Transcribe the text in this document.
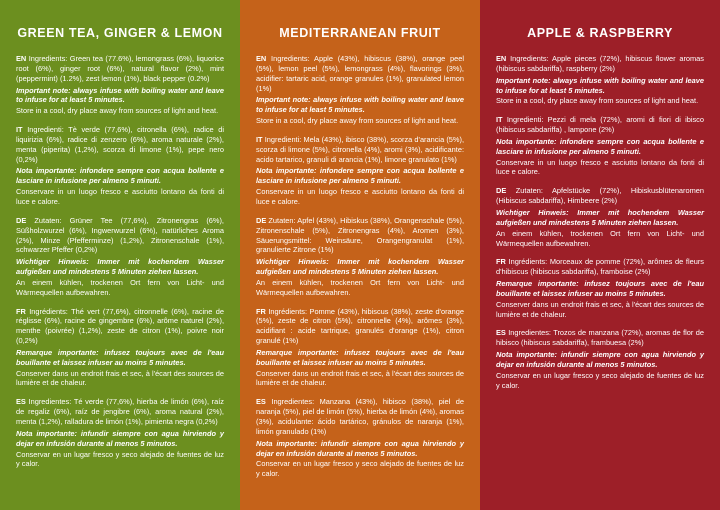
GREEN TEA, GINGER & LEMON

EN Ingredients: Green tea (77.6%), lemongrass (6%), liquorice root (6%), ginger root (6%), natural flavor (2%), mint (peppermint) (1.2%), zest lemon (1%), black pepper (0.2%)

Important note: always infuse with boiling water and leave to infuse for at least 5 minutes.

Store in a cool, dry place away from sources of light and heat.

IT Ingredienti: Tè verde (77,6%), citronella (6%), radice di liquirizia (6%), radice di zenzero (6%), aroma naturale (2%), menta (piperita) (1,2%), scorza di limone (1%), pepe nero (0,2%)

Nota importante: infondere sempre con acqua bollente e lasciare in infusione per almeno 5 minuti.

Conservare in un luogo fresco e asciutto lontano da fonti di luce e calore.

DE Zutaten: Grüner Tee (77,6%), Zitronengras (6%), Süßholzwurzel (6%), Ingwerwurzel (6%), natürliches Aroma (2%), Minze (Pfefferminze) (1,2%), Zitronenschale (1%), schwarzer Pfeffer (0,2%)

Wichtiger Hinweis: Immer mit kochendem Wasser aufgießen und mindestens 5 Minuten ziehen lassen.

An einem kühlen, trockenen Ort fern von Licht- und Wärmequellen aufbewahren.

FR Ingrédients: Thé vert (77,6%), citronnelle (6%), racine de réglisse (6%), racine de gingembre (6%), arôme naturel (2%), menthe (poivrée) (1,2%), zeste de citron (1%), poivre noir (0,2%)

Remarque importante: infusez toujours avec de l'eau bouillante et laissez infuser au moins 5 minutes.

Conserver dans un endroit frais et sec, à l'écart des sources de lumière et de chaleur.

ES Ingredientes: Té verde (77,6%), hierba de limón (6%), raíz de regaliz (6%), raíz de jengibre (6%), aroma natural (2%), menta (1,2%), ralladura de limón (1%), pimienta negra (0,2%)

Nota importante: infundir siempre con agua hirviendo y dejar en infusión durante al menos 5 minutos.

Conservar en un lugar fresco y seco alejado de fuentes de luz y calor.

MEDITERRANEAN FRUIT

EN Ingredients: Apple (43%), hibiscus (38%), orange peel (5%), lemon peel (5%), lemongrass (4%), flavorings (3%), acidifier: tartaric acid, orange granules (1%), granulated lemon (1%)

Important note: always infuse with boiling water and leave to infuse for at least 5 minutes.

Store in a cool, dry place away from sources of light and heat.

IT Ingredienti: Mela (43%), ibisco (38%), scorza d'arancia (5%), scorza di limone (5%), citronella (4%), aromi (3%), acidificante: acido tartarico, granuli di arancia (1%), limone granulato (1%)

Nota importante: infondere sempre con acqua bollente e lasciare in infusione per almeno 5 minuti.

Conservare in un luogo fresco e asciutto lontano da fonti di luce e calore.

DE Zutaten: Apfel (43%), Hibiskus (38%), Orangenschale (5%), Zitronenschale (5%), Zitronengras (4%), Aromen (3%), Säuerungsmittel: Weinsäure, Orangengranulat (1%), granulierte Zitrone (1%)

Wichtiger Hinweis: Immer mit kochendem Wasser aufgießen und mindestens 5 Minuten ziehen lassen.

An einem kühlen, trockenen Ort fern von Licht- und Wärmequellen aufbewahren.

FR Ingrédients: Pomme (43%), hibiscus (38%), zeste d'orange (5%), zeste de citron (5%), citronnelle (4%), arômes (3%), acidifiant : acide tartrique, granulés d'orange (1%), citron granulé (1%)

Remarque importante: infusez toujours avec de l'eau bouillante et laissez infuser au moins 5 minutes.

Conserver dans un endroit frais et sec, à l'écart des sources de lumière et de chaleur.

ES Ingredientes: Manzana (43%), hibisco (38%), piel de naranja (5%), piel de limón (5%), hierba de limón (4%), aromas (3%), acidulante: ácido tartárico, gránulos de naranja (1%), limón granulado (1%)

Nota importante: infundir siempre con agua hirviendo y dejar en infusión durante al menos 5 minutos.

Conservar en un lugar fresco y seco alejado de fuentes de luz y calor.

APPLE & RASPBERRY

EN Ingredients: Apple pieces (72%), hibiscus flower aromas (hibiscus sabdariffa), raspberry (2%)

Important note: always infuse with boiling water and leave to infuse for at least 5 minutes.

Store in a cool, dry place away from sources of light and heat.

IT Ingredienti: Pezzi di mela (72%), aromi di fiori di ibisco (hibiscus sabdariffa) , lampone (2%)

Nota importante: infondere sempre con acqua bollente e lasciare in infusione per almeno 5 minuti.

Conservare in un luogo fresco e asciutto lontano da fonti di luce e calore.

DE Zutaten: Apfelstücke (72%), Hibiskusblütenaromen (Hibiscus sabdariffa), Himbeere (2%)

Wichtiger Hinweis: Immer mit hochendem Wasser aufgießen und mindestens 5 Minuten ziehen lassen.

An einem kühlen, trockenen Ort fern von Licht- und Wärmequellen aufbewahren.

FR Ingrédients: Morceaux de pomme (72%), arômes de fleurs d'hibiscus (hibiscus sabdariffa), framboise (2%)

Remarque importante: infusez toujours avec de l'eau bouillante et laissez infuser au moins 5 minutes.

Conserver dans un endroit frais et sec, à l'écart des sources de lumière et de chaleur.

ES Ingredientes: Trozos de manzana (72%), aromas de flor de hibisco (hibiscus sabdariffa), frambuesa (2%)

Nota importante: infundir siempre con agua hirviendo y dejar en infusión durante al menos 5 minutos.

Conservar en un lugar fresco y seco alejado de fuentes de luz y calor.
